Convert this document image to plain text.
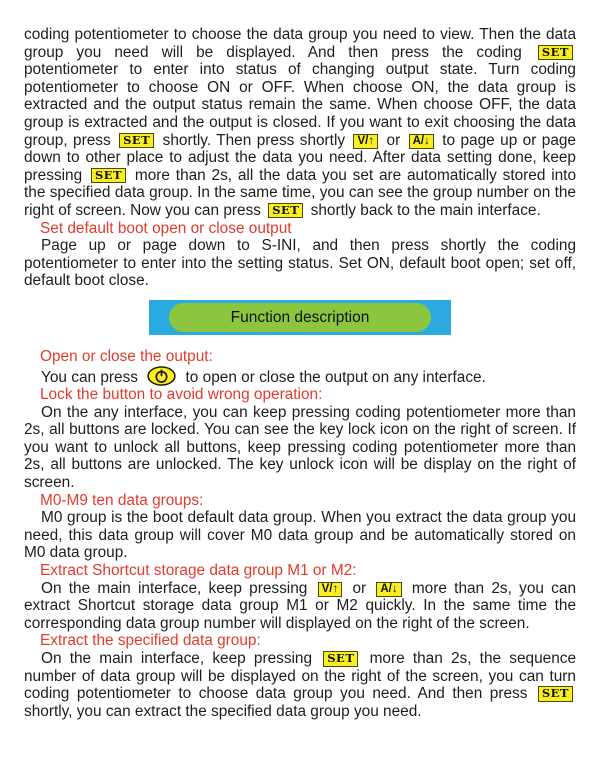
coding potentiometer to choose the data group you need to view. Then the data group you need will be displayed. And then press the coding SET potentiometer to enter into status of changing output state. Turn coding potentiometer to choose ON or OFF. When choose ON, the data group is extracted and the output status remain the same. When choose OFF, the data group is extracted and the output is closed. If you want to exit choosing the data group, press SET shortly. Then press shortly V/↑ or A/↓ to page up or page down to other place to adjust the data you need. After data setting done, keep pressing SET more than 2s, all the data you set are automatically stored into the specified data group. In the same time, you can see the group number on the right of screen. Now you can press SET shortly back to the main interface.

Set default boot open or close output

Page up or page down to S-INI, and then press shortly the coding potentiometer to enter into the setting status. Set ON, default boot open; set off, default boot close.

Function description
Open or close the output:

You can press	to open or close the output on any interface.

Lock the button to avoid wrong operation:

On the any interface, you can keep pressing coding potentiometer more than 2s, all buttons are locked. You can see the key lock icon on the right of screen. If you want to unlock all buttons, keep pressing coding potentiometer more than 2s, all buttons are unlocked. The key unlock icon will be display on the right of screen.

M0-M9 ten data groups:

M0 group is the boot default data group. When you extract the data group you need, this data group will cover M0 data group and be automatically stored on M0 data group.

Extract Shortcut storage data group M1 or M2:

On the main interface, keep pressing V/↑ or A/↓ more than 2s, you can extract Shortcut storage data group M1 or M2 quickly. In the same time the corresponding data group number will displayed on the right of the screen.

Extract the specified data group:

On the main interface, keep pressing SET more than 2s, the sequence number of data group will be displayed on the right of the screen, you can turn coding potentiometer to choose data group you need. And then press SET shortly, you can extract the specified data group you need.
